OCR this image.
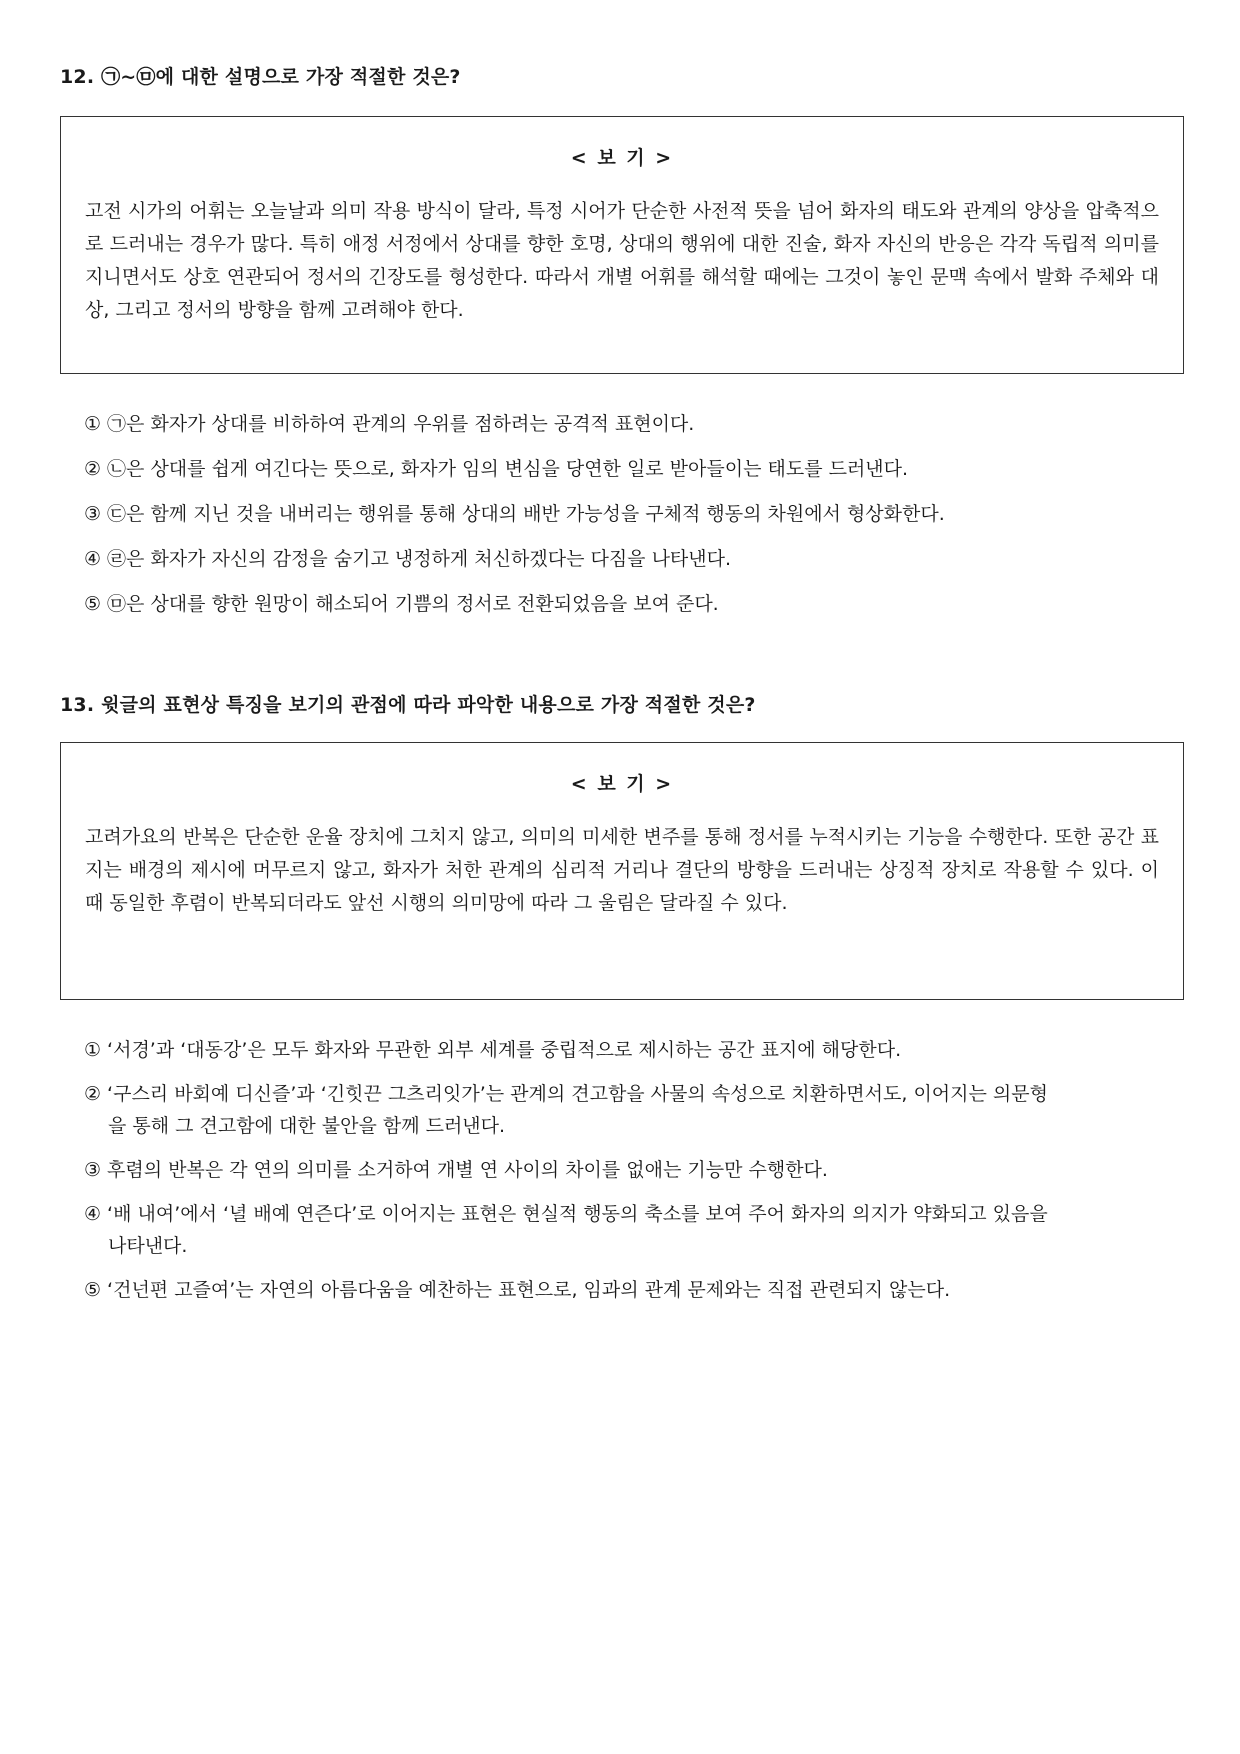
12. ㉠~㉤에 대한 설명으로 가장 적절한 것은?
< 보 기 >
고전 시가의 어휘는 오늘날과 의미 작용 방식이 달라, 특정 시어가 단순한 사전적 뜻을 넘어 화자의 태도와 관계의 양상을 압축적으로 드러내는 경우가 많다. 특히 애정 서정에서 상대를 향한 호명, 상대의 행위에 대한 진술, 화자 자신의 반응은 각각 독립적 의미를 지니면서도 상호 연관되어 정서의 긴장도를 형성한다. 따라서 개별 어휘를 해석할 때에는 그것이 놓인 문맥 속에서 발화 주체와 대상, 그리고 정서의 방향을 함께 고려해야 한다.
① ㉠은 화자가 상대를 비하하여 관계의 우위를 점하려는 공격적 표현이다.
② ㉡은 상대를 쉽게 여긴다는 뜻으로, 화자가 임의 변심을 당연한 일로 받아들이는 태도를 드러낸다.
③ ㉢은 함께 지닌 것을 내버리는 행위를 통해 상대의 배반 가능성을 구체적 행동의 차원에서 형상화한다.
④ ㉣은 화자가 자신의 감정을 숨기고 냉정하게 처신하겠다는 다짐을 나타낸다.
⑤ ㉤은 상대를 향한 원망이 해소되어 기쁨의 정서로 전환되었음을 보여 준다.
13. 윗글의 표현상 특징을 보기의 관점에 따라 파악한 내용으로 가장 적절한 것은?
< 보 기 >
고려가요의 반복은 단순한 운율 장치에 그치지 않고, 의미의 미세한 변주를 통해 정서를 누적시키는 기능을 수행한다. 또한 공간 표지는 배경의 제시에 머무르지 않고, 화자가 처한 관계의 심리적 거리나 결단의 방향을 드러내는 상징적 장치로 작용할 수 있다. 이때 동일한 후렴이 반복되더라도 앞선 시행의 의미망에 따라 그 울림은 달라질 수 있다.
① ‘서경’과 ‘대동강’은 모두 화자와 무관한 외부 세계를 중립적으로 제시하는 공간 표지에 해당한다.
② ‘구스리 바회예 디신즐’과 ‘긴힛끈 그츠리잇가’는 관계의 견고함을 사물의 속성으로 치환하면서도, 이어지는 의문형
을 통해 그 견고함에 대한 불안을 함께 드러낸다.
③ 후렴의 반복은 각 연의 의미를 소거하여 개별 연 사이의 차이를 없애는 기능만 수행한다.
④ ‘배 내여’에서 ‘녈 배예 연즌다’로 이어지는 표현은 현실적 행동의 축소를 보여 주어 화자의 의지가 약화되고 있음을
나타낸다.
⑤ ‘건넌편 고즐여’는 자연의 아름다움을 예찬하는 표현으로, 임과의 관계 문제와는 직접 관련되지 않는다.
